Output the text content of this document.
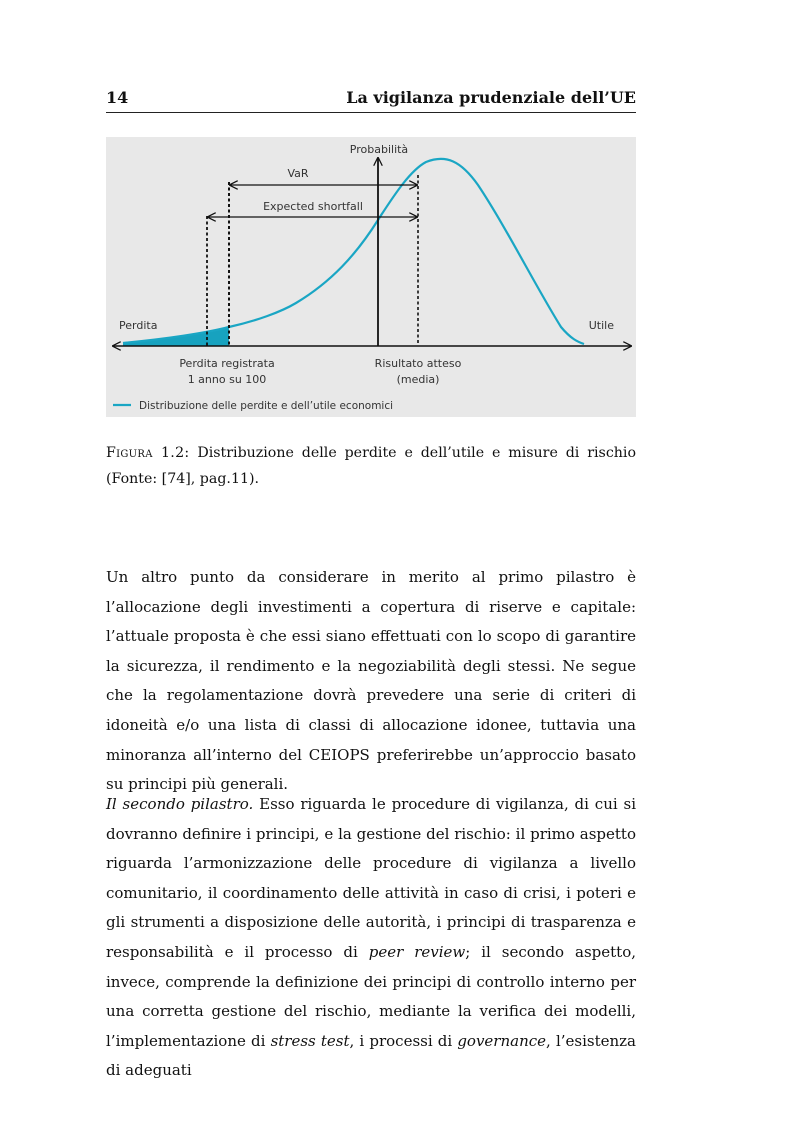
14	La vigilanza prudenziale dell’UE
Probabilità
VaR
Expected shortfall
Perdita	Utile
Perdita registrata
1 anno su 100
Risultato atteso
(media)
Distribuzione delle perdite e dell’utile economici
Figura 1.2: Distribuzione delle perdite e dell’utile e misure di rischio (Fonte: [74], pag.11).

Un altro punto da considerare in merito al primo pilastro è l’allocazione degli investimenti a copertura di riserve e capitale: l’attuale proposta è che essi siano effettuati con lo scopo di garantire la sicurezza, il rendimento e la negoziabilità degli stessi. Ne segue che la regolamentazione dovrà prevedere una serie di criteri di idoneità e/o una lista di classi di allocazione idonee, tuttavia una minoranza all’interno del CEIOPS preferirebbe un’approccio basato su principi più generali.

Il secondo pilastro. Esso riguarda le procedure di vigilanza, di cui si dovranno definire i principi, e la gestione del rischio: il primo aspetto riguarda l’armonizzazione delle procedure di vigilanza a livello comunitario, il coordinamento delle attività in caso di crisi, i poteri e gli strumenti a disposizione delle autorità, i principi di trasparenza e responsabilità e il processo di peer review; il secondo aspetto, invece, comprende la definizione dei principi di controllo interno per una corretta gestione del rischio, mediante la verifica dei modelli, l’implementazione di stress test, i processi di governance, l’esistenza di adeguati
